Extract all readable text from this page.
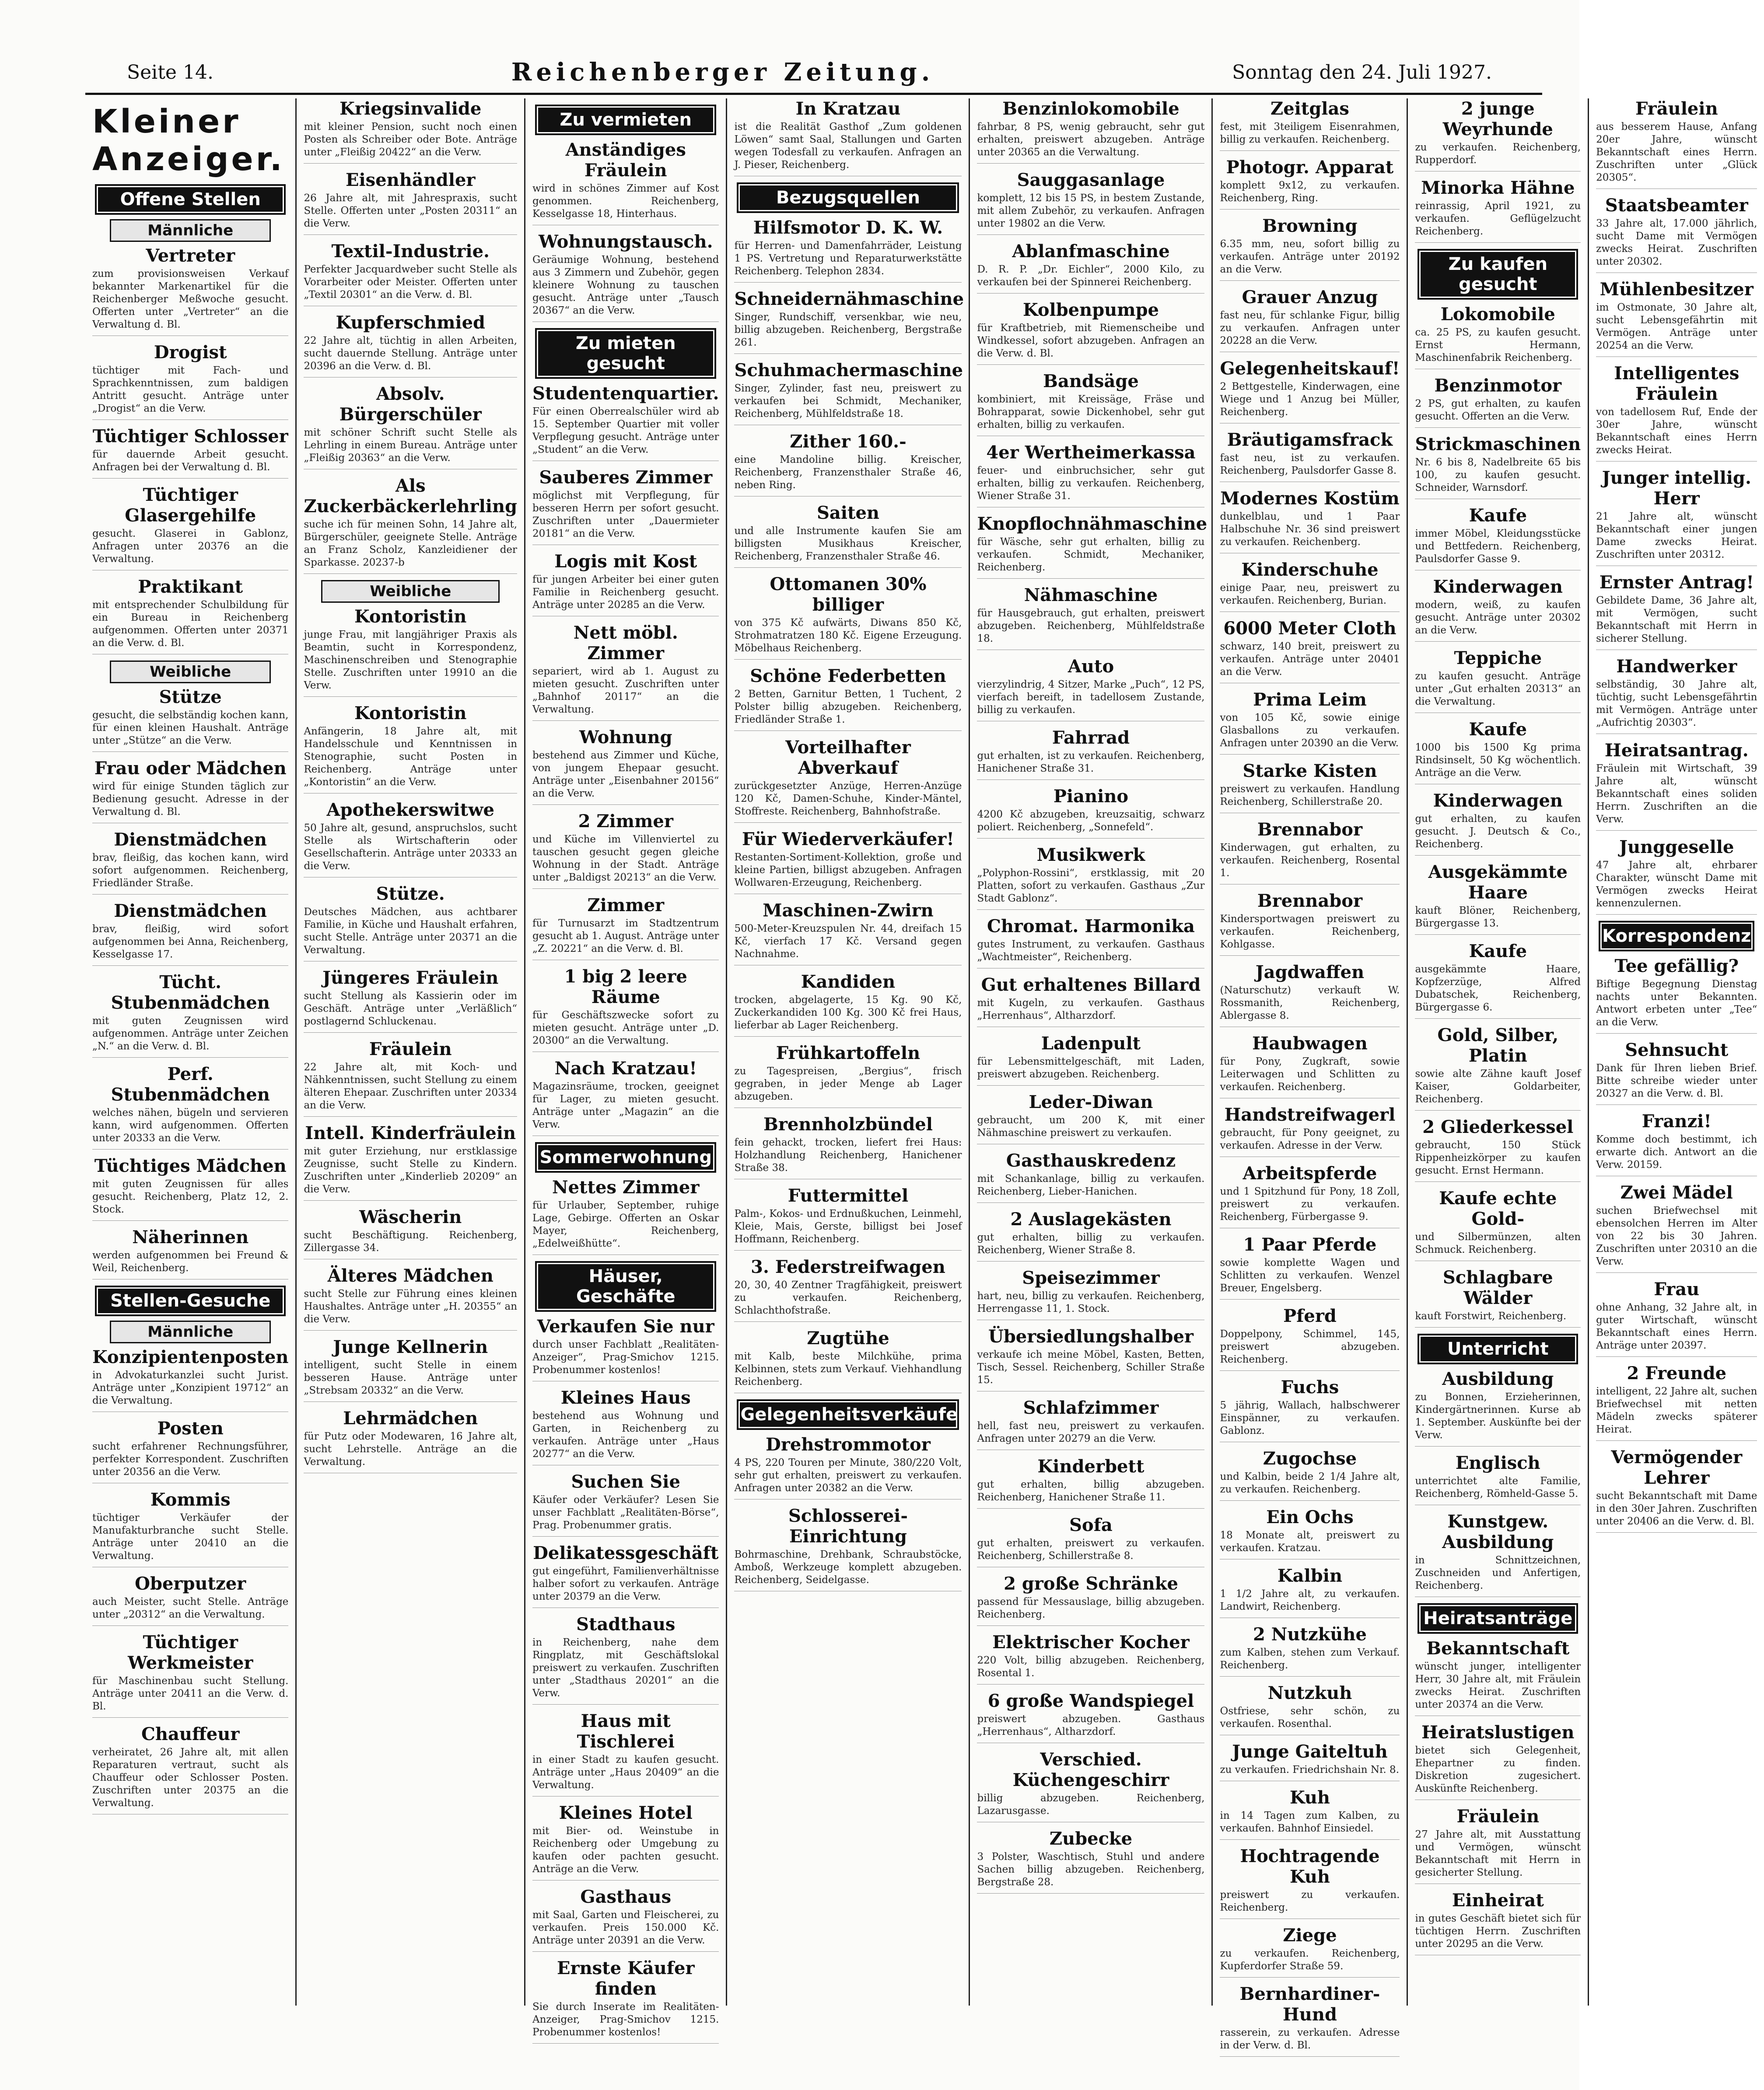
Seite 14.	Reichenberger Zeitung.	Sonntag den 24. Juli 1927.
Kleiner Anzeiger.
Offene Stellen
Männliche
Vertreter
zum provisionsweisen Verkauf bekannter Markenartikel für die Reichenberger Meßwoche gesucht. Offerten unter „Vertreter“ an die Verwaltung d. Bl.
Drogist
tüchtiger mit Fach- und Sprachkenntnissen, zum baldigen Antritt gesucht. Anträge unter „Drogist“ an die Verw.
Tüchtiger Schlosser
für dauernde Arbeit gesucht. Anfragen bei der Verwaltung d. Bl.
Tüchtiger Glasergehilfe
gesucht. Glaserei in Gablonz, Anfragen unter 20376 an die Verwaltung.
Praktikant
mit entsprechender Schulbildung für ein Bureau in Reichenberg aufgenommen. Offerten unter 20371 an die Verw. d. Bl.
Weibliche
Stütze
gesucht, die selbständig kochen kann, für einen kleinen Haushalt. Anträge unter „Stütze“ an die Verw.
Frau oder Mädchen
wird für einige Stunden täglich zur Bedienung gesucht. Adresse in der Verwaltung d. Bl.
Dienstmädchen
brav, fleißig, das kochen kann, wird sofort aufgenommen. Reichenberg, Friedländer Straße.
Dienstmädchen
brav, fleißig, wird sofort aufgenommen bei Anna, Reichenberg, Kesselgasse 17.
Tücht. Stubenmädchen
mit guten Zeugnissen wird aufgenommen. Anträge unter Zeichen „N.“ an die Verw. d. Bl.
Perf. Stubenmädchen
welches nähen, bügeln und servieren kann, wird aufgenommen. Offerten unter 20333 an die Verw.
Tüchtiges Mädchen
mit guten Zeugnissen für alles gesucht. Reichenberg, Platz 12, 2. Stock.
Näherinnen
werden aufgenommen bei Freund & Weil, Reichenberg.
Stellen-Gesuche
Männliche
Konzipientenposten
in Advokaturkanzlei sucht Jurist. Anträge unter „Konzipient 19712“ an die Verwaltung.
Posten
sucht erfahrener Rechnungsführer, perfekter Korrespondent. Zuschriften unter 20356 an die Verw.
Kommis
tüchtiger Verkäufer der Manufakturbranche sucht Stelle. Anträge unter 20410 an die Verwaltung.
Oberputzer
auch Meister, sucht Stelle. Anträge unter „20312“ an die Verwaltung.
Tüchtiger Werkmeister
für Maschinenbau sucht Stellung. Anträge unter 20411 an die Verw. d. Bl.
Chauffeur
verheiratet, 26 Jahre alt, mit allen Reparaturen vertraut, sucht als Chauffeur oder Schlosser Posten. Zuschriften unter 20375 an die Verwaltung.
Kriegsinvalide
mit kleiner Pension, sucht noch einen Posten als Schreiber oder Bote. Anträge unter „Fleißig 20422“ an die Verw.
Eisenhändler
26 Jahre alt, mit Jahrespraxis, sucht Stelle. Offerten unter „Posten 20311“ an die Verw.
Textil-Industrie.
Perfekter Jacquardweber sucht Stelle als Vorarbeiter oder Meister. Offerten unter „Textil 20301“ an die Verw. d. Bl.
Kupferschmied
22 Jahre alt, tüchtig in allen Arbeiten, sucht dauernde Stellung. Anträge unter 20396 an die Verw. d. Bl.
Absolv. Bürgerschüler
mit schöner Schrift sucht Stelle als Lehrling in einem Bureau. Anträge unter „Fleißig 20363“ an die Verw.
Als Zuckerbäckerlehrling
suche ich für meinen Sohn, 14 Jahre alt, Bürgerschüler, geeignete Stelle. Anträge an Franz Scholz, Kanzleidiener der Sparkasse. 20237-b
Weibliche
Kontoristin
junge Frau, mit langjähriger Praxis als Beamtin, sucht in Korrespondenz, Maschinenschreiben und Stenographie Stelle. Zuschriften unter 19910 an die Verw.
Kontoristin
Anfängerin, 18 Jahre alt, mit Handelsschule und Kenntnissen in Stenographie, sucht Posten in Reichenberg. Anträge unter „Kontoristin“ an die Verw.
Apothekerswitwe
50 Jahre alt, gesund, anspruchslos, sucht Stelle als Wirtschafterin oder Gesellschafterin. Anträge unter 20333 an die Verw.
Stütze.
Deutsches Mädchen, aus achtbarer Familie, in Küche und Haushalt erfahren, sucht Stelle. Anträge unter 20371 an die Verwaltung.
Jüngeres Fräulein
sucht Stellung als Kassierin oder im Geschäft. Anträge unter „Verläßlich“ postlagernd Schluckenau.
Fräulein
22 Jahre alt, mit Koch- und Nähkenntnissen, sucht Stellung zu einem älteren Ehepaar. Zuschriften unter 20334 an die Verw.
Intell. Kinderfräulein
mit guter Erziehung, nur erstklassige Zeugnisse, sucht Stelle zu Kindern. Zuschriften unter „Kinderlieb 20209“ an die Verw.
Wäscherin
sucht Beschäftigung. Reichenberg, Zillergasse 34.
Älteres Mädchen
sucht Stelle zur Führung eines kleinen Haushaltes. Anträge unter „H. 20355“ an die Verw.
Junge Kellnerin
intelligent, sucht Stelle in einem besseren Hause. Anträge unter „Strebsam 20332“ an die Verw.
Lehrmädchen
für Putz oder Modewaren, 16 Jahre alt, sucht Lehrstelle. Anträge an die Verwaltung.
Zu vermieten
Anständiges Fräulein
wird in schönes Zimmer auf Kost genommen. Reichenberg, Kesselgasse 18, Hinterhaus.
Wohnungstausch.
Geräumige Wohnung, bestehend aus 3 Zimmern und Zubehör, gegen kleinere Wohnung zu tauschen gesucht. Anträge unter „Tausch 20367“ an die Verw.
Zu mieten gesucht
Studentenquartier.
Für einen Oberrealschüler wird ab 15. September Quartier mit voller Verpflegung gesucht. Anträge unter „Student“ an die Verw.
Sauberes Zimmer
möglichst mit Verpflegung, für besseren Herrn per sofort gesucht. Zuschriften unter „Dauermieter 20181“ an die Verw.
Logis mit Kost
für jungen Arbeiter bei einer guten Familie in Reichenberg gesucht. Anträge unter 20285 an die Verw.
Nett möbl. Zimmer
separiert, wird ab 1. August zu mieten gesucht. Zuschriften unter „Bahnhof 20117“ an die Verwaltung.
Wohnung
bestehend aus Zimmer und Küche, von jungem Ehepaar gesucht. Anträge unter „Eisenbahner 20156“ an die Verw.
2 Zimmer
und Küche im Villenviertel zu tauschen gesucht gegen gleiche Wohnung in der Stadt. Anträge unter „Baldigst 20213“ an die Verw.
Zimmer
für Turnusarzt im Stadtzentrum gesucht ab 1. August. Anträge unter „Z. 20221“ an die Verw. d. Bl.
1 big 2 leere Räume
für Geschäftszwecke sofort zu mieten gesucht. Anträge unter „D. 20300“ an die Verwaltung.
Nach Kratzau!
Magazinsräume, trocken, geeignet für Lager, zu mieten gesucht. Anträge unter „Magazin“ an die Verw.
Sommerwohnung
Nettes Zimmer
für Urlauber, September, ruhige Lage, Gebirge. Offerten an Oskar Mayer, Reichenberg, „Edelweißhütte“.
Häuser, Geschäfte
Verkaufen Sie nur
durch unser Fachblatt „Realitäten-Anzeiger“, Prag-Smichov 1215. Probenummer kostenlos!
Kleines Haus
bestehend aus Wohnung und Garten, in Reichenberg zu verkaufen. Anträge unter „Haus 20277“ an die Verw.
Suchen Sie
Käufer oder Verkäufer? Lesen Sie unser Fachblatt „Realitäten-Börse“, Prag. Probenummer gratis.
Delikatessgeschäft
gut eingeführt, Familienverhältnisse halber sofort zu verkaufen. Anträge unter 20379 an die Verw.
Stadthaus
in Reichenberg, nahe dem Ringplatz, mit Geschäftslokal preiswert zu verkaufen. Zuschriften unter „Stadthaus 20201“ an die Verw.
Haus mit Tischlerei
in einer Stadt zu kaufen gesucht. Anträge unter „Haus 20409“ an die Verwaltung.
Kleines Hotel
mit Bier- od. Weinstube in Reichenberg oder Umgebung zu kaufen oder pachten gesucht. Anträge an die Verw.
Gasthaus
mit Saal, Garten und Fleischerei, zu verkaufen. Preis 150.000 Kč. Anträge unter 20391 an die Verw.
Ernste Käufer finden
Sie durch Inserate im Realitäten-Anzeiger, Prag-Smichov 1215. Probenummer kostenlos!
In Kratzau
ist die Realität Gasthof „Zum goldenen Löwen“ samt Saal, Stallungen und Garten wegen Todesfall zu verkaufen. Anfragen an J. Pieser, Reichenberg.
Bezugsquellen
Hilfsmotor D. K. W.
für Herren- und Damenfahrräder, Leistung 1 PS. Vertretung und Reparaturwerkstätte Reichenberg. Telephon 2834.
Schneidernähmaschine
Singer, Rundschiff, versenkbar, wie neu, billig abzugeben. Reichenberg, Bergstraße 261.
Schuhmachermaschine
Singer, Zylinder, fast neu, preiswert zu verkaufen bei Schmidt, Mechaniker, Reichenberg, Mühlfeldstraße 18.
Zither 160.-
eine Mandoline billig. Kreischer, Reichenberg, Franzensthaler Straße 46, neben Ring.
Saiten
und alle Instrumente kaufen Sie am billigsten Musikhaus Kreischer, Reichenberg, Franzensthaler Straße 46.
Ottomanen 30% billiger
von 375 Kč aufwärts, Diwans 850 Kč, Strohmatratzen 180 Kč. Eigene Erzeugung. Möbelhaus Reichenberg.
Schöne Federbetten
2 Betten, Garnitur Betten, 1 Tuchent, 2 Polster billig abzugeben. Reichenberg, Friedländer Straße 1.
Vorteilhafter Abverkauf
zurückgesetzter Anzüge, Herren-Anzüge 120 Kč, Damen-Schuhe, Kinder-Mäntel, Stoffreste. Reichenberg, Bahnhofstraße.
Für Wiederverkäufer!
Restanten-Sortiment-Kollektion, große und kleine Partien, billigst abzugeben. Anfragen Wollwaren-Erzeugung, Reichenberg.
Maschinen-Zwirn
500-Meter-Kreuzspulen Nr. 44, dreifach 15 Kč, vierfach 17 Kč. Versand gegen Nachnahme.
Kandiden
trocken, abgelagerte, 15 Kg. 90 Kč, Zuckerkandiden 100 Kg. 300 Kč frei Haus, lieferbar ab Lager Reichenberg.
Frühkartoffeln
zu Tagespreisen, „Bergius“, frisch gegraben, in jeder Menge ab Lager abzugeben.
Brennholzbündel
fein gehackt, trocken, liefert frei Haus: Holzhandlung Reichenberg, Hanichener Straße 38.
Futtermittel
Palm-, Kokos- und Erdnußkuchen, Leinmehl, Kleie, Mais, Gerste, billigst bei Josef Hoffmann, Reichenberg.
3. Federstreifwagen
20, 30, 40 Zentner Tragfähigkeit, preiswert zu verkaufen. Reichenberg, Schlachthofstraße.
Zugtühe
mit Kalb, beste Milchkühe, prima Kelbinnen, stets zum Verkauf. Viehhandlung Reichenberg.
Gelegenheitsverkäufe
Drehstrommotor
4 PS, 220 Touren per Minute, 380/220 Volt, sehr gut erhalten, preiswert zu verkaufen. Anfragen unter 20382 an die Verw.
Schlosserei-Einrichtung
Bohrmaschine, Drehbank, Schraubstöcke, Amboß, Werkzeuge komplett abzugeben. Reichenberg, Seidelgasse.
Benzinlokomobile
fahrbar, 8 PS, wenig gebraucht, sehr gut erhalten, preiswert abzugeben. Anträge unter 20365 an die Verwaltung.
Sauggasanlage
komplett, 12 bis 15 PS, in bestem Zustande, mit allem Zubehör, zu verkaufen. Anfragen unter 19802 an die Verw.
Ablanfmaschine
D. R. P. „Dr. Eichler“, 2000 Kilo, zu verkaufen bei der Spinnerei Reichenberg.
Kolbenpumpe
für Kraftbetrieb, mit Riemenscheibe und Windkessel, sofort abzugeben. Anfragen an die Verw. d. Bl.
Bandsäge
kombiniert, mit Kreissäge, Fräse und Bohrapparat, sowie Dickenhobel, sehr gut erhalten, billig zu verkaufen.
4er Wertheimerkassa
feuer- und einbruchsicher, sehr gut erhalten, billig zu verkaufen. Reichenberg, Wiener Straße 31.
Knopflochnähmaschine
für Wäsche, sehr gut erhalten, billig zu verkaufen. Schmidt, Mechaniker, Reichenberg.
Nähmaschine
für Hausgebrauch, gut erhalten, preiswert abzugeben. Reichenberg, Mühlfeldstraße 18.
Auto
vierzylindrig, 4 Sitzer, Marke „Puch“, 12 PS, vierfach bereift, in tadellosem Zustande, billig zu verkaufen.
Fahrrad
gut erhalten, ist zu verkaufen. Reichenberg, Hanichener Straße 31.
Pianino
4200 Kč abzugeben, kreuzsaitig, schwarz poliert. Reichenberg, „Sonnefeld“.
Musikwerk
„Polyphon-Rossini“, erstklassig, mit 20 Platten, sofort zu verkaufen. Gasthaus „Zur Stadt Gablonz“.
Chromat. Harmonika
gutes Instrument, zu verkaufen. Gasthaus „Wachtmeister“, Reichenberg.
Gut erhaltenes Billard
mit Kugeln, zu verkaufen. Gasthaus „Herrenhaus“, Altharzdorf.
Ladenpult
für Lebensmittelgeschäft, mit Laden, preiswert abzugeben. Reichenberg.
Leder-Diwan
gebraucht, um 200 K, mit einer Nähmaschine preiswert zu verkaufen.
Gasthauskredenz
mit Schankanlage, billig zu verkaufen. Reichenberg, Lieber-Hanichen.
2 Auslagekästen
gut erhalten, billig zu verkaufen. Reichenberg, Wiener Straße 8.
Speisezimmer
hart, neu, billig zu verkaufen. Reichenberg, Herrengasse 11, 1. Stock.
Übersiedlungshalber
verkaufe ich meine Möbel, Kasten, Betten, Tisch, Sessel. Reichenberg, Schiller Straße 15.
Schlafzimmer
hell, fast neu, preiswert zu verkaufen. Anfragen unter 20279 an die Verw.
Kinderbett
gut erhalten, billig abzugeben. Reichenberg, Hanichener Straße 11.
Sofa
gut erhalten, preiswert zu verkaufen. Reichenberg, Schillerstraße 8.
2 große Schränke
passend für Messauslage, billig abzugeben. Reichenberg.
Elektrischer Kocher
220 Volt, billig abzugeben. Reichenberg, Rosental 1.
6 große Wandspiegel
preiswert abzugeben. Gasthaus „Herrenhaus“, Altharzdorf.
Verschied. Küchengeschirr
billig abzugeben. Reichenberg, Lazarusgasse.
Zubecke
3 Polster, Waschtisch, Stuhl und andere Sachen billig abzugeben. Reichenberg, Bergstraße 28.
Zeitglas
fest, mit 3teiligem Eisenrahmen, billig zu verkaufen. Reichenberg.
Photogr. Apparat
komplett 9x12, zu verkaufen. Reichenberg, Ring.
Browning
6.35 mm, neu, sofort billig zu verkaufen. Anträge unter 20192 an die Verw.
Grauer Anzug
fast neu, für schlanke Figur, billig zu verkaufen. Anfragen unter 20228 an die Verw.
Gelegenheitskauf!
2 Bettgestelle, Kinderwagen, eine Wiege und 1 Anzug bei Müller, Reichenberg.
Bräutigamsfrack
fast neu, ist zu verkaufen. Reichenberg, Paulsdorfer Gasse 8.
Modernes Kostüm
dunkelblau, und 1 Paar Halbschuhe Nr. 36 sind preiswert zu verkaufen. Reichenberg.
Kinderschuhe
einige Paar, neu, preiswert zu verkaufen. Reichenberg, Burian.
6000 Meter Cloth
schwarz, 140 breit, preiswert zu verkaufen. Anträge unter 20401 an die Verw.
Prima Leim
von 105 Kč, sowie einige Glasballons zu verkaufen. Anfragen unter 20390 an die Verw.
Starke Kisten
preiswert zu verkaufen. Handlung Reichenberg, Schillerstraße 20.
Brennabor
Kinderwagen, gut erhalten, zu verkaufen. Reichenberg, Rosental 1.
Brennabor
Kindersportwagen preiswert zu verkaufen. Reichenberg, Kohlgasse.
Jagdwaffen
(Naturschutz) verkauft W. Rossmanith, Reichenberg, Ablergasse 8.
Haubwagen
für Pony, Zugkraft, sowie Leiterwagen und Schlitten zu verkaufen. Reichenberg.
Handstreifwagerl
gebraucht, für Pony geeignet, zu verkaufen. Adresse in der Verw.
Arbeitspferde
und 1 Spitzhund für Pony, 18 Zoll, preiswert zu verkaufen. Reichenberg, Fürbergasse 9.
1 Paar Pferde
sowie komplette Wagen und Schlitten zu verkaufen. Wenzel Breuer, Engelsberg.
Pferd
Doppelpony, Schimmel, 145, preiswert abzugeben. Reichenberg.
Fuchs
5 jährig, Wallach, halbschwerer Einspänner, zu verkaufen. Gablonz.
Zugochse
und Kalbin, beide 2 1/4 Jahre alt, zu verkaufen. Reichenberg.
Ein Ochs
18 Monate alt, preiswert zu verkaufen. Kratzau.
Kalbin
1 1/2 Jahre alt, zu verkaufen. Landwirt, Reichenberg.
2 Nutzkühe
zum Kalben, stehen zum Verkauf. Reichenberg.
Nutzkuh
Ostfriese, sehr schön, zu verkaufen. Rosenthal.
Junge Gaiteltuh
zu verkaufen. Friedrichshain Nr. 8.
Kuh
in 14 Tagen zum Kalben, zu verkaufen. Bahnhof Einsiedel.
Hochtragende Kuh
preiswert zu verkaufen. Reichenberg.
Ziege
zu verkaufen. Reichenberg, Kupferdorfer Straße 59.
Bernhardiner-Hund
rasserein, zu verkaufen. Adresse in der Verw. d. Bl.
2 junge Weyrhunde
zu verkaufen. Reichenberg, Rupperdorf.
Minorka Hähne
reinrassig, April 1921, zu verkaufen. Geflügelzucht Reichenberg.
Zu kaufen gesucht
Lokomobile
ca. 25 PS, zu kaufen gesucht. Ernst Hermann, Maschinenfabrik Reichenberg.
Benzinmotor
2 PS, gut erhalten, zu kaufen gesucht. Offerten an die Verw.
Strickmaschinen
Nr. 6 bis 8, Nadelbreite 65 bis 100, zu kaufen gesucht. Schneider, Warnsdorf.
Kaufe
immer Möbel, Kleidungsstücke und Bettfedern. Reichenberg, Paulsdorfer Gasse 9.
Kinderwagen
modern, weiß, zu kaufen gesucht. Anträge unter 20302 an die Verw.
Teppiche
zu kaufen gesucht. Anträge unter „Gut erhalten 20313“ an die Verwaltung.
Kaufe
1000 bis 1500 Kg prima Rindsinselt, 50 Kg wöchentlich. Anträge an die Verw.
Kinderwagen
gut erhalten, zu kaufen gesucht. J. Deutsch & Co., Reichenberg.
Ausgekämmte Haare
kauft Blöner, Reichenberg, Bürgergasse 13.
Kaufe
ausgekämmte Haare, Kopfzerzüge, Alfred Dubatschek, Reichenberg, Bürgergasse 6.
Gold, Silber, Platin
sowie alte Zähne kauft Josef Kaiser, Goldarbeiter, Reichenberg.
2 Gliederkessel
gebraucht, 150 Stück Rippenheizkörper zu kaufen gesucht. Ernst Hermann.
Kaufe echte Gold-
und Silbermünzen, alten Schmuck. Reichenberg.
Schlagbare Wälder
kauft Forstwirt, Reichenberg.
Unterricht
Ausbildung
zu Bonnen, Erzieherinnen, Kindergärtnerinnen. Kurse ab 1. September. Auskünfte bei der Verw.
Englisch
unterrichtet alte Familie, Reichenberg, Römheld-Gasse 5.
Kunstgew. Ausbildung
in Schnittzeichnen, Zuschneiden und Anfertigen, Reichenberg.
Heiratsanträge
Bekanntschaft
wünscht junger, intelligenter Herr, 30 Jahre alt, mit Fräulein zwecks Heirat. Zuschriften unter 20374 an die Verw.
Heiratslustigen
bietet sich Gelegenheit, Ehepartner zu finden. Diskretion zugesichert. Auskünfte Reichenberg.
Fräulein
27 Jahre alt, mit Ausstattung und Vermögen, wünscht Bekanntschaft mit Herrn in gesicherter Stellung.
Einheirat
in gutes Geschäft bietet sich für tüchtigen Herrn. Zuschriften unter 20295 an die Verw.
Fräulein
aus besserem Hause, Anfang 20er Jahre, wünscht Bekanntschaft eines Herrn. Zuschriften unter „Glück 20305“.
Staatsbeamter
33 Jahre alt, 17.000 jährlich, sucht Dame mit Vermögen zwecks Heirat. Zuschriften unter 20302.
Mühlenbesitzer
im Ostmonate, 30 Jahre alt, sucht Lebensgefährtin mit Vermögen. Anträge unter 20254 an die Verw.
Intelligentes Fräulein
von tadellosem Ruf, Ende der 30er Jahre, wünscht Bekanntschaft eines Herrn zwecks Heirat.
Junger intellig. Herr
21 Jahre alt, wünscht Bekanntschaft einer jungen Dame zwecks Heirat. Zuschriften unter 20312.
Ernster Antrag!
Gebildete Dame, 36 Jahre alt, mit Vermögen, sucht Bekanntschaft mit Herrn in sicherer Stellung.
Handwerker
selbständig, 30 Jahre alt, tüchtig, sucht Lebensgefährtin mit Vermögen. Anträge unter „Aufrichtig 20303“.
Heiratsantrag.
Fräulein mit Wirtschaft, 39 Jahre alt, wünscht Bekanntschaft eines soliden Herrn. Zuschriften an die Verw.
Junggeselle
47 Jahre alt, ehrbarer Charakter, wünscht Dame mit Vermögen zwecks Heirat kennenzulernen.
Korrespondenz
Tee gefällig?
Biftige Begegnung Dienstag nachts unter Bekannten. Antwort erbeten unter „Tee“ an die Verw.
Sehnsucht
Dank für Ihren lieben Brief. Bitte schreibe wieder unter 20327 an die Verw. d. Bl.
Franzi!
Komme doch bestimmt, ich erwarte dich. Antwort an die Verw. 20159.
Zwei Mädel
suchen Briefwechsel mit ebensolchen Herren im Alter von 22 bis 30 Jahren. Zuschriften unter 20310 an die Verw.
Frau
ohne Anhang, 32 Jahre alt, in guter Wirtschaft, wünscht Bekanntschaft eines Herrn. Anträge unter 20397.
2 Freunde
intelligent, 22 Jahre alt, suchen Briefwechsel mit netten Mädeln zwecks späterer Heirat.
Vermögender Lehrer
sucht Bekanntschaft mit Dame in den 30er Jahren. Zuschriften unter 20406 an die Verw. d. Bl.
